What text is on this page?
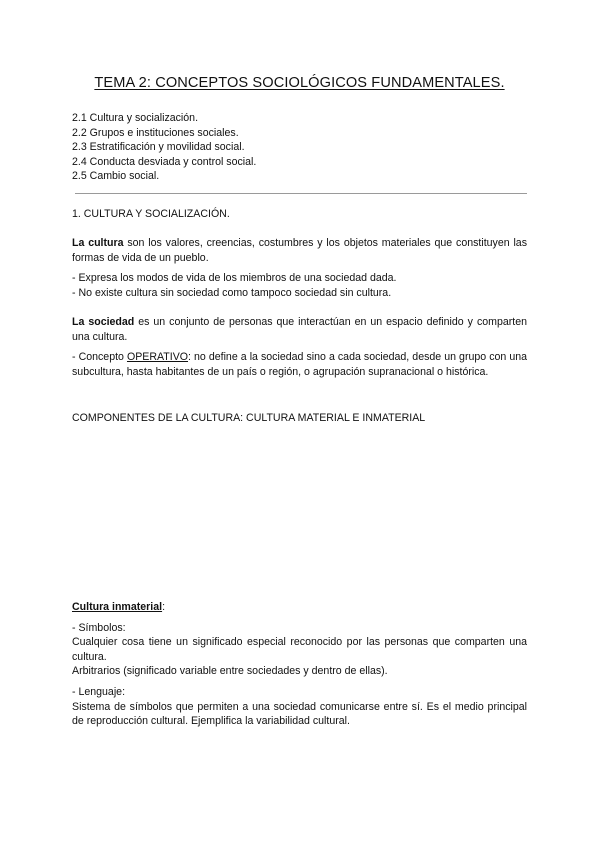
TEMA 2: CONCEPTOS SOCIOLÓGICOS FUNDAMENTALES.
2.1 Cultura y socialización.
2.2 Grupos e instituciones sociales.
2.3 Estratificación y movilidad social.
2.4 Conducta desviada y control social.
2.5 Cambio social.
1. CULTURA Y SOCIALIZACIÓN.

La cultura son los valores, creencias, costumbres y los objetos materiales que constituyen las formas de vida de un pueblo.

- Expresa los modos de vida de los miembros de una sociedad dada.

- No existe cultura sin sociedad como tampoco sociedad sin cultura.

La sociedad es un conjunto de personas que interactúan en un espacio definido y comparten una cultura.

- Concepto OPERATIVO: no define a la sociedad sino a cada sociedad, desde un grupo con una subcultura, hasta habitantes de un país o región, o agrupación supranacional o histórica.

COMPONENTES DE LA CULTURA: CULTURA MATERIAL E INMATERIAL

Cultura inmaterial:

- Símbolos:

Cualquier cosa tiene un significado especial reconocido por las personas que comparten una cultura.

Arbitrarios (significado variable entre sociedades y dentro de ellas).

- Lenguaje:

Sistema de símbolos que permiten a una sociedad comunicarse entre sí. Es el medio principal de reproducción cultural. Ejemplifica la variabilidad cultural.
